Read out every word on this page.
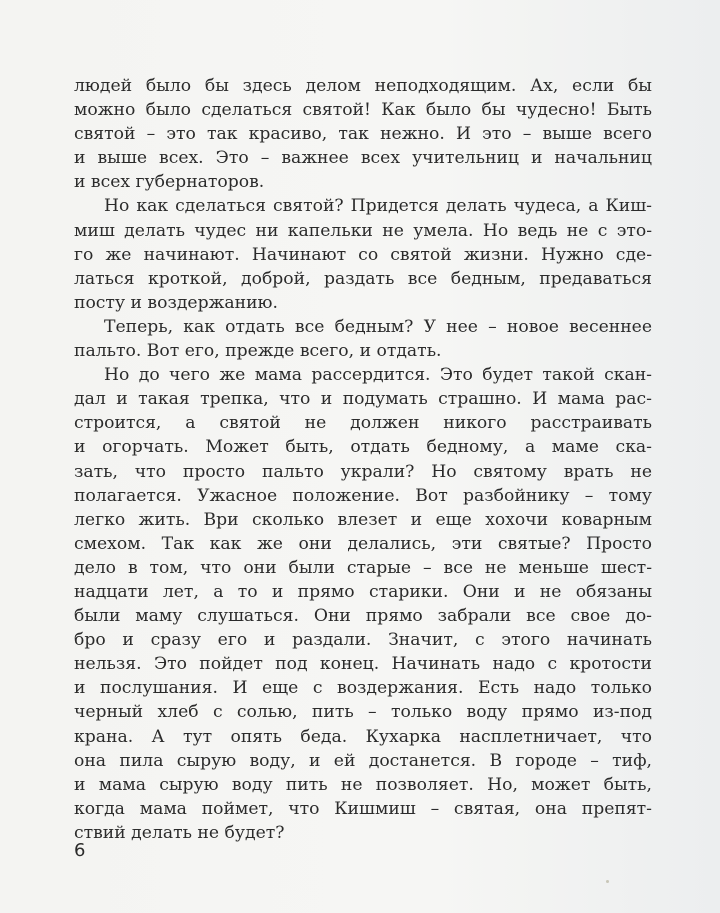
людей было бы здесь делом неподходящим. Ах, если бы
можно было сделаться святой! Как было бы чудесно! Быть
святой – это так красиво, так нежно. И это – выше всего
и выше всех. Это – важнее всех учительниц и начальниц
и всех губернаторов.
Но как сделаться святой? Придется делать чудеса, а Киш-
миш делать чудес ни капельки не умела. Но ведь не с это-
го же начинают. Начинают со святой жизни. Нужно сде-
латься кроткой, доброй, раздать все бедным, предаваться
посту и воздержанию.
Теперь, как отдать все бедным? У нее – новое весеннее
пальто. Вот его, прежде всего, и отдать.
Но до чего же мама рассердится. Это будет такой скан-
дал и такая трепка, что и подумать страшно. И мама рас-
строится, а святой не должен никого расстраивать
и огорчать. Может быть, отдать бедному, а маме ска-
зать, что просто пальто украли? Но святому врать не
полагается. Ужасное положение. Вот разбойнику – тому
легко жить. Ври сколько влезет и еще хохочи коварным
смехом. Так как же они делались, эти святые? Просто
дело в том, что они были старые – все не меньше шест-
надцати лет, а то и прямо старики. Они и не обязаны
были маму слушаться. Они прямо забрали все свое до-
бро и сразу его и раздали. Значит, с этого начинать
нельзя. Это пойдет под конец. Начинать надо с кротости
и послушания. И еще с воздержания. Есть надо только
черный хлеб с солью, пить – только воду прямо из-под
крана. А тут опять беда. Кухарка насплетничает, что
она пила сырую воду, и ей достанется. В городе – тиф,
и мама сырую воду пить не позволяет. Но, может быть,
когда мама поймет, что Кишмиш – святая, она препят-
ствий делать не будет?
6
